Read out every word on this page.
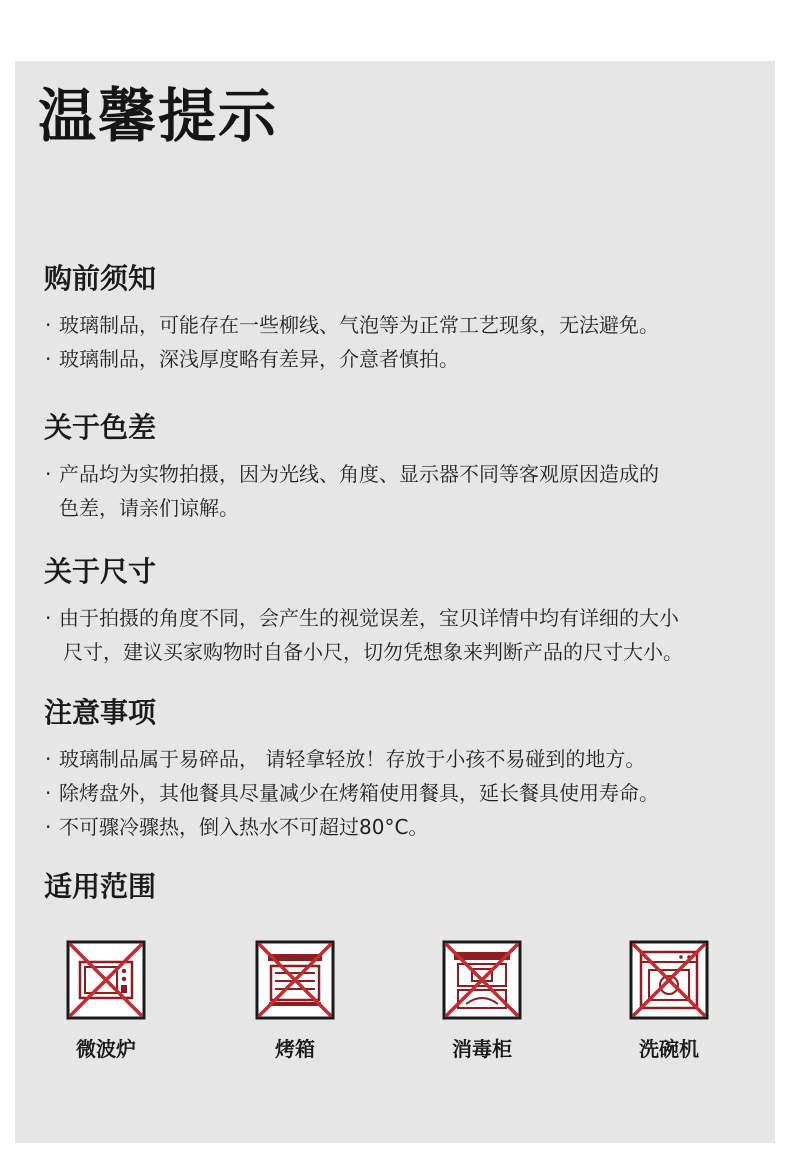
温馨提示
购前须知
· 玻璃制品，可能存在一些柳线、气泡等为正常工艺现象，无法避免。
· 玻璃制品，深浅厚度略有差异，介意者慎拍。
关于色差
· 产品均为实物拍摄，因为光线、角度、显示器不同等客观原因造成的
色差，请亲们谅解。
关于尺寸
· 由于拍摄的角度不同，会产生的视觉误差，宝贝详情中均有详细的大小
尺寸，建议买家购物时自备小尺，切勿凭想象来判断产品的尺寸大小。
注意事项
· 玻璃制品属于易碎品， 请轻拿轻放！存放于小孩不易碰到的地方。
· 除烤盘外，其他餐具尽量减少在烤箱使用餐具，延长餐具使用寿命。
· 不可骤冷骤热，倒入热水不可超过80°C。
适用范围
微波炉	烤箱	消毒柜	洗碗机
